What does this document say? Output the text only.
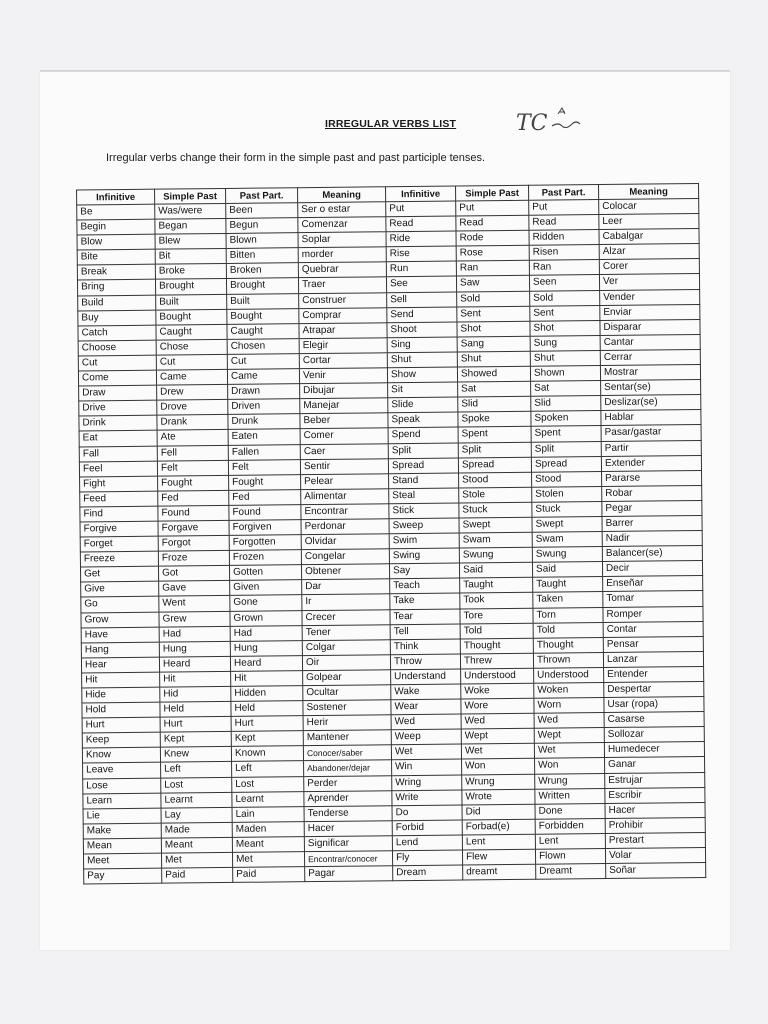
IRREGULAR VERBS LIST	TC
Irregular verbs change their form in the simple past and past participle tenses.
Infinitive	Simple Past	Past Part.	Meaning	Infinitive	Simple Past	Past Part.	Meaning
Be	Was/were	Been	Ser o estar	Put	Put	Put	Colocar
Begin	Began	Begun	Comenzar	Read	Read	Read	Leer
Blow	Blew	Blown	Soplar	Ride	Rode	Ridden	Cabalgar
Bite	Bit	Bitten	morder	Rise	Rose	Risen	Alzar
Break	Broke	Broken	Quebrar	Run	Ran	Ran	Corer
Bring	Brought	Brought	Traer	See	Saw	Seen	Ver
Build	Built	Built	Construer	Sell	Sold	Sold	Vender
Buy	Bought	Bought	Comprar	Send	Sent	Sent	Enviar
Catch	Caught	Caught	Atrapar	Shoot	Shot	Shot	Disparar
Choose	Chose	Chosen	Elegir	Sing	Sang	Sung	Cantar
Cut	Cut	Cut	Cortar	Shut	Shut	Shut	Cerrar
Come	Came	Came	Venir	Show	Showed	Shown	Mostrar
Draw	Drew	Drawn	Dibujar	Sit	Sat	Sat	Sentar(se)
Drive	Drove	Driven	Manejar	Slide	Slid	Slid	Deslizar(se)
Drink	Drank	Drunk	Beber	Speak	Spoke	Spoken	Hablar
Eat	Ate	Eaten	Comer	Spend	Spent	Spent	Pasar/gastar
Fall	Fell	Fallen	Caer	Split	Split	Split	Partir
Feel	Felt	Felt	Sentir	Spread	Spread	Spread	Extender
Fight	Fought	Fought	Pelear	Stand	Stood	Stood	Pararse
Feed	Fed	Fed	Alimentar	Steal	Stole	Stolen	Robar
Find	Found	Found	Encontrar	Stick	Stuck	Stuck	Pegar
Forgive	Forgave	Forgiven	Perdonar	Sweep	Swept	Swept	Barrer
Forget	Forgot	Forgotten	Olvidar	Swim	Swam	Swam	Nadir
Freeze	Froze	Frozen	Congelar	Swing	Swung	Swung	Balancer(se)
Get	Got	Gotten	Obtener	Say	Said	Said	Decir
Give	Gave	Given	Dar	Teach	Taught	Taught	Enseñar
Go	Went	Gone	Ir	Take	Took	Taken	Tomar
Grow	Grew	Grown	Crecer	Tear	Tore	Torn	Romper
Have	Had	Had	Tener	Tell	Told	Told	Contar
Hang	Hung	Hung	Colgar	Think	Thought	Thought	Pensar
Hear	Heard	Heard	Oir	Throw	Threw	Thrown	Lanzar
Hit	Hit	Hit	Golpear	Understand	Understood	Understood	Entender
Hide	Hid	Hidden	Ocultar	Wake	Woke	Woken	Despertar
Hold	Held	Held	Sostener	Wear	Wore	Worn	Usar (ropa)
Hurt	Hurt	Hurt	Herir	Wed	Wed	Wed	Casarse
Keep	Kept	Kept	Mantener	Weep	Wept	Wept	Sollozar
Know	Knew	Known	Conocer/saber	Wet	Wet	Wet	Humedecer
Leave	Left	Left	Abandoner/dejar	Win	Won	Won	Ganar
Lose	Lost	Lost	Perder	Wring	Wrung	Wrung	Estrujar
Learn	Learnt	Learnt	Aprender	Write	Wrote	Written	Escribir
Lie	Lay	Lain	Tenderse	Do	Did	Done	Hacer
Make	Made	Maden	Hacer	Forbid	Forbad(e)	Forbidden	Prohibir
Mean	Meant	Meant	Significar	Lend	Lent	Lent	Prestart
Meet	Met	Met	Encontrar/conocer	Fly	Flew	Flown	Volar
Pay	Paid	Paid	Pagar	Dream	dreamt	Dreamt	Soñar
